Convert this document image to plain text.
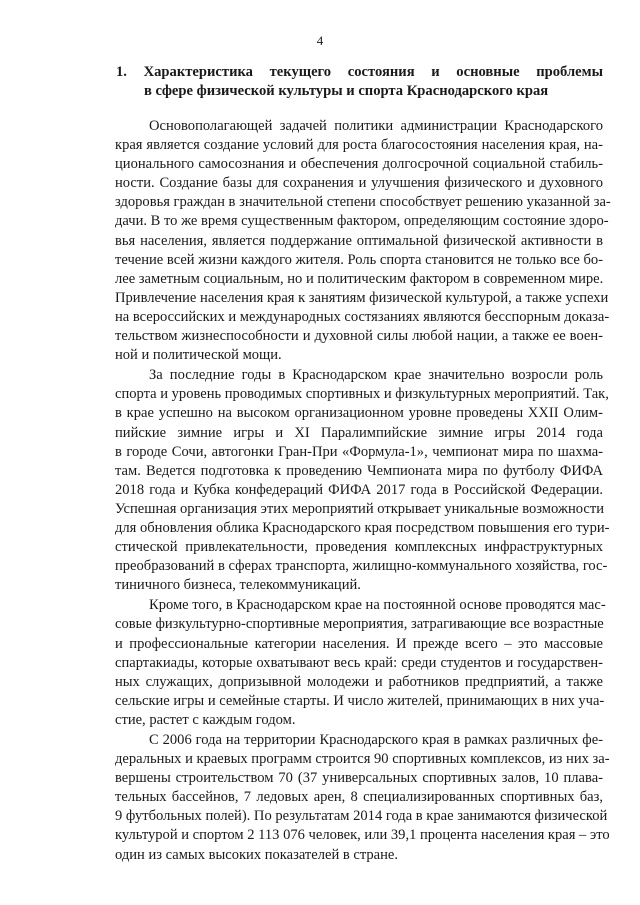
4
1. Характеристика текущего состояния и основные проблемы
в сфере физической культуры и спорта Краснодарского края

Основополагающей задачей политики администрации Краснодарского
края является создание условий для роста благосостояния населения края, на-
ционального самосознания и обеспечения долгосрочной социальной стабиль-
ности. Создание базы для сохранения и улучшения физического и духовного
здоровья граждан в значительной степени способствует решению указанной за-
дачи. В то же время существенным фактором, определяющим состояние здоро-
вья населения, является поддержание оптимальной физической активности в
течение всей жизни каждого жителя. Роль спорта становится не только все бо-
лее заметным социальным, но и политическим фактором в современном мире.
Привлечение населения края к занятиям физической культурой, а также успехи
на всероссийских и международных состязаниях являются бесспорным доказа-
тельством жизнеспособности и духовной силы любой нации, а также ее воен-
ной и политической мощи.

За последние годы в Краснодарском крае значительно возросли роль
спорта и уровень проводимых спортивных и физкультурных мероприятий. Так,
в крае успешно на высоком организационном уровне проведены XXII Олим-
пийские зимние игры и XI Паралимпийские зимние игры 2014 года
в городе Сочи, автогонки Гран-При «Формула-1», чемпионат мира по шахма-
там. Ведется подготовка к проведению Чемпионата мира по футболу ФИФА
2018 года и Кубка конфедераций ФИФА 2017 года в Российской Федерации.
Успешная организация этих мероприятий открывает уникальные возможности
для обновления облика Краснодарского края посредством повышения его тури-
стической привлекательности, проведения комплексных инфраструктурных
преобразований в сферах транспорта, жилищно-коммунального хозяйства, гос-
тиничного бизнеса, телекоммуникаций.

Кроме того, в Краснодарском крае на постоянной основе проводятся мас-
совые физкультурно-спортивные мероприятия, затрагивающие все возрастные
и профессиональные категории населения. И прежде всего – это массовые
спартакиады, которые охватывают весь край: среди студентов и государствен-
ных служащих, допризывной молодежи и работников предприятий, а также
сельские игры и семейные старты. И число жителей, принимающих в них уча-
стие, растет с каждым годом.

С 2006 года на территории Краснодарского края в рамках различных фе-
деральных и краевых программ строится 90 спортивных комплексов, из них за-
вершены строительством 70 (37 универсальных спортивных залов, 10 плава-
тельных бассейнов, 7 ледовых арен, 8 специализированных спортивных баз,
9 футбольных полей). По результатам 2014 года в крае занимаются физической
культурой и спортом 2 113 076 человек, или 39,1 процента населения края – это
один из самых высоких показателей в стране.
